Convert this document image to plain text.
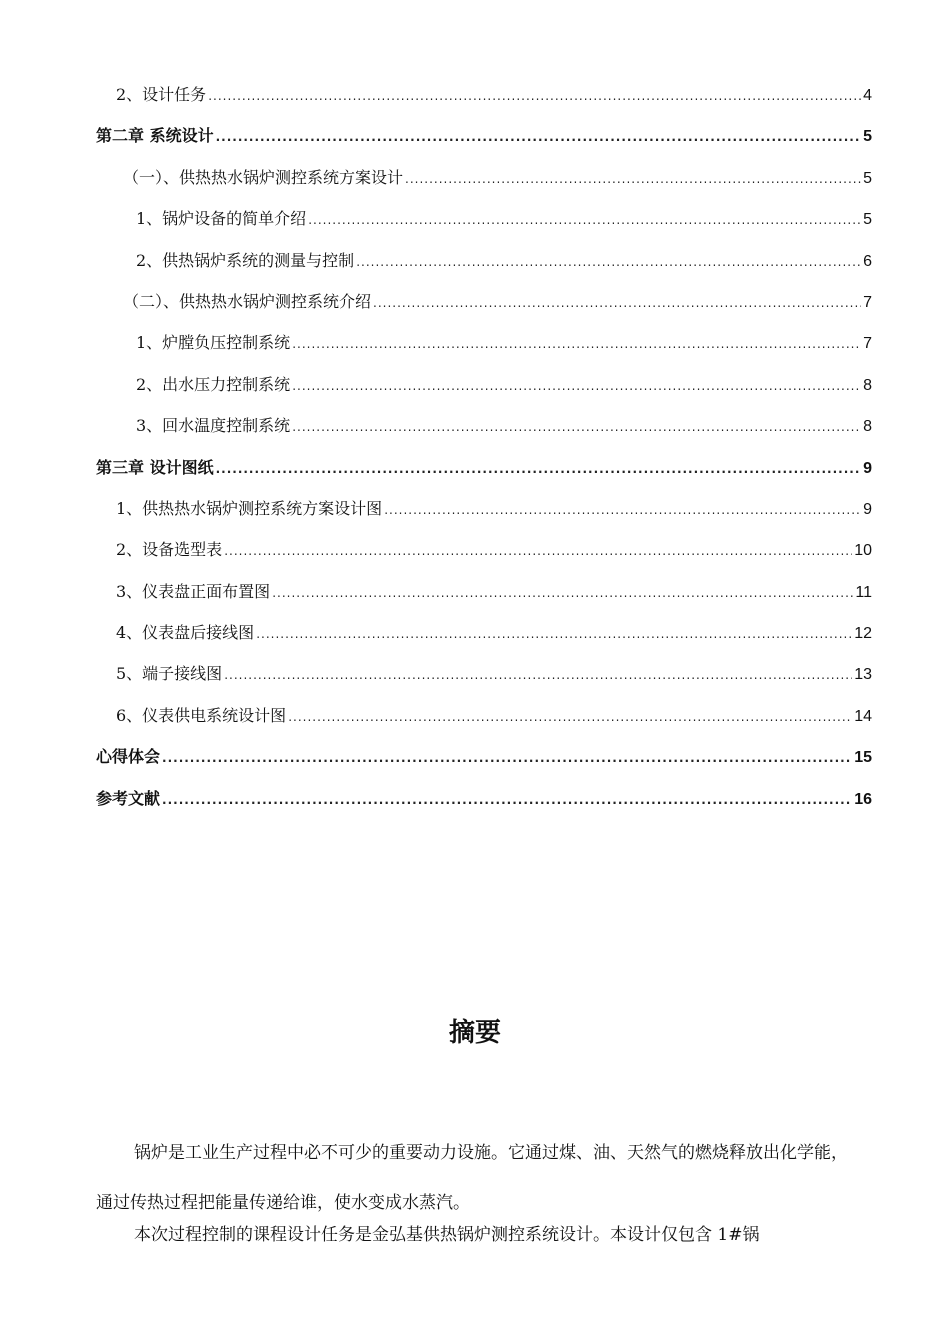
2、设计任务 .....	4
第二章 系统设计 .....	5
（一）、供热热水锅炉测控系统方案设计 .....	5
1、锅炉设备的简单介绍 .....	5
2、供热锅炉系统的测量与控制 .....	6
（二）、供热热水锅炉测控系统介绍 .....	7
1、炉膛负压控制系统 .....	7
2、出水压力控制系统 .....	8
3、回水温度控制系统 .....	8
第三章 设计图纸 .....	9
1、供热热水锅炉测控系统方案设计图 .....	9
2、设备选型表 .....	10
3、仪表盘正面布置图 .....	11
4、仪表盘后接线图 .....	12
5、端子接线图 .....	13
6、仪表供电系统设计图 .....	14
心得体会 .....	15
参考文献 .....	16
摘要

锅炉是工业生产过程中必不可少的重要动力设施。它通过煤、油、天然气的燃烧释放出化学能，通过传热过程把能量传递给谁，使水变成水蒸汽。

本次过程控制的课程设计任务是金弘基供热锅炉测控系统设计。本设计仅包含 1#锅
